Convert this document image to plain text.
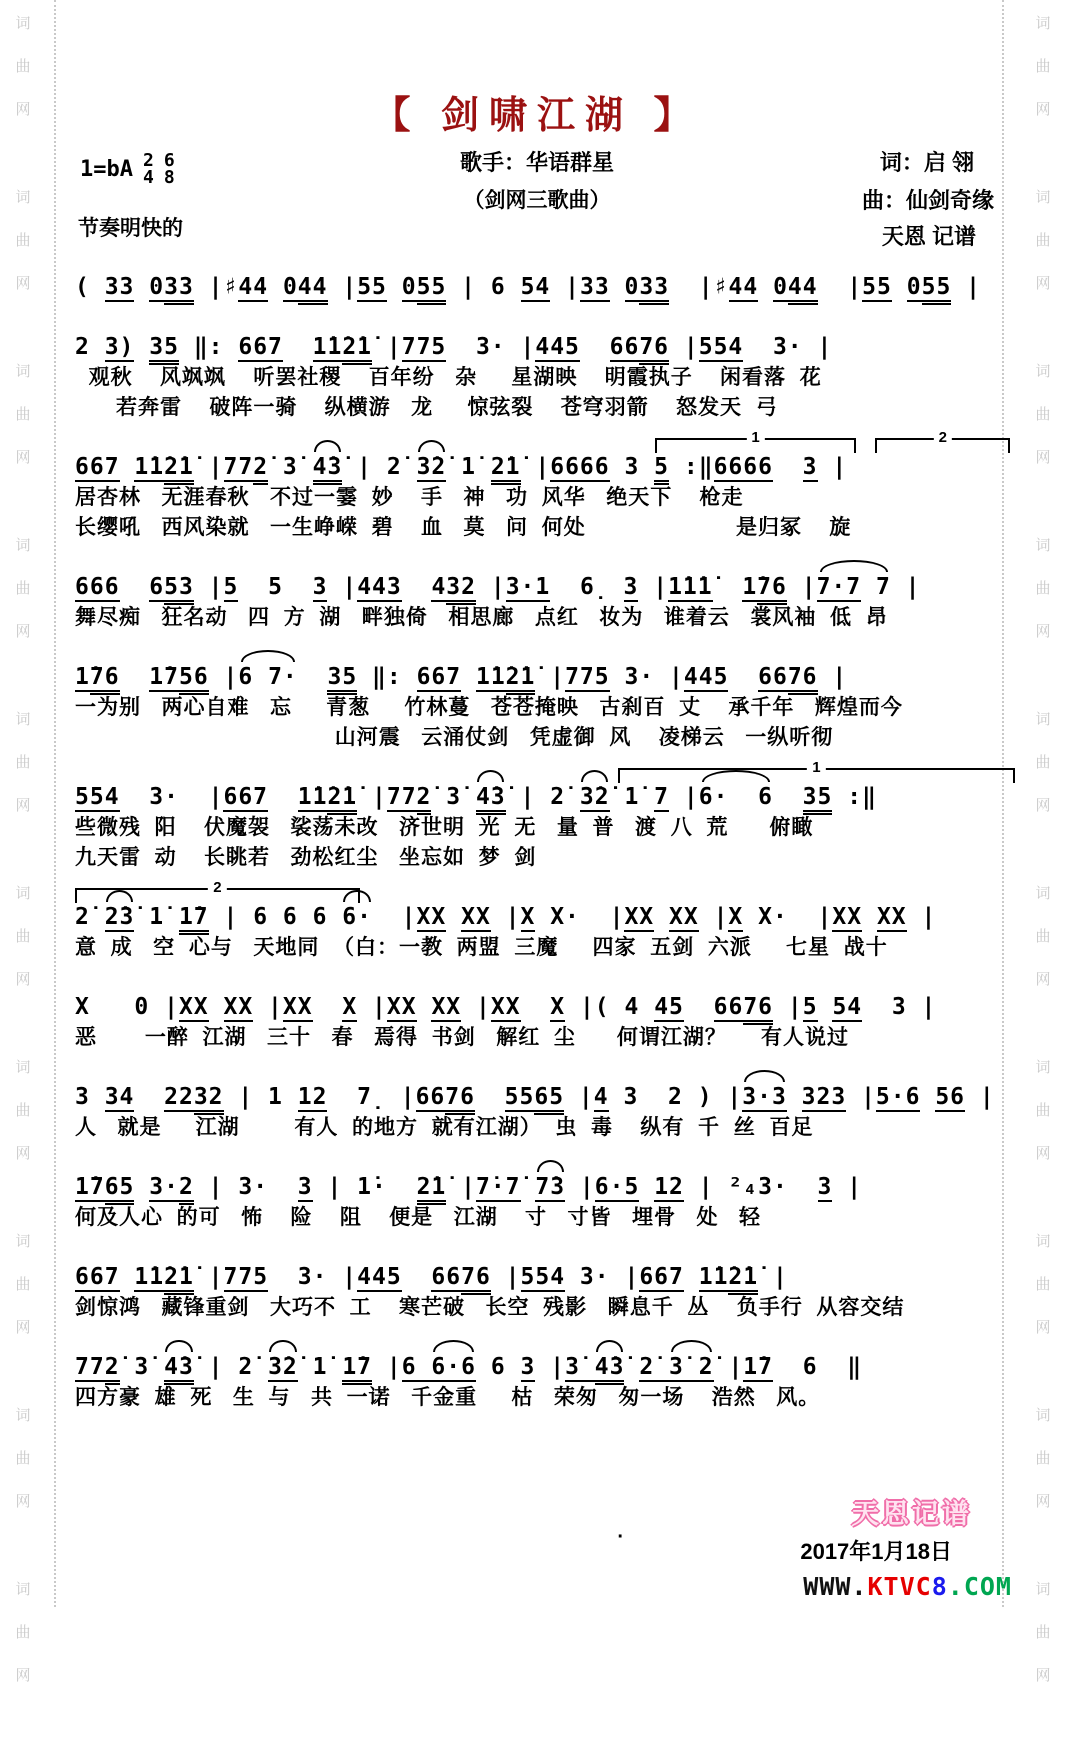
词
曲
网
词
曲
网
词
曲
网
词
曲
网
词
曲
网
词
曲
网
词
曲
网
词
曲
网
词
曲
网
词
曲
网
词
曲
网
词
曲
网
词
曲
网
词
曲
网
词
曲
网
词
曲
网
词
曲
网
词
曲
网
词
曲
网
词
曲
网
【 剑啸江湖 】
1=bA 2
4
6
8
节奏明快的
歌手：华语群星
（剑网三歌曲）
词：启 翎
曲：仙剑奇缘
天恩 记谱
( 33 033 |♯44 044 |55 055 | 6 54 |33 033  |♯44 044  |55 055 |
2 3) 35 ‖: 667 1̇1̇2̇1̇ |775  3· |445 6676 |554  3· |
观秋    风飒飒    听罢社稷    百年纷   杂     星湖映    明霞执子    闲看落  花
若奔雷    破阵一骑    纵横游   龙     惊弦裂    苍穹羽箭    怒发天  弓
1	2
667 1̇1̇2̇1̇ |772̇ 3̇ 4̇3̇ | 2̇ 3̇2̇ 1̇ 2̇1̇ |6666 3 5 :‖6666 3 |
居杏林   无涯春秋   不过一霎  妙    手   神   功  风华   绝天下    枪走
长缨吼   西风染就   一生峥嵘  碧    血   莫   问  何处                      是归冢    旋
666 653 |5  5  3 |443 432 |3·1  6̣ 3 |1̇1̇1̇ 1̇76 |7·7 7 |
舞尽痴   狂名动   四  方  湖   畔独倚   相思廊   点红   妆为   谁着云   裳风袖  低  昂
1̇76 1̇756 |6 7· 35 ‖: 667 1̇1̇2̇1̇ |775 3· |445 6676 |
一为别   两心自难   忘     青葱     竹林蔓   苍苍掩映   古刹百  丈    承千年   辉煌而今
山河震   云涌仗剑   凭虚御  风    凌梯云   一纵听彻
1
554  3·  |667 1̇1̇2̇1̇ |772̇ 3̇ 4̇3̇ | 2̇ 3̇2̇ 1̇ 7 |6·  6 35 :‖
些微残  阳    伏魔袈   裟荡未改   济世明  光  无   量  普   渡  八  荒      俯瞰
九天雷  动    长眺若   劲松红尘   坐忘如  梦  剑
2
2̇ 2̇3̇ 1̇ 1̇7 | 6 6 6 6·  |XX XX |X X·  |XX XX |X X·  |XX XX |
意  成   空  心与   天地同  （白：一教  两盟  三魔     四家  五剑  六派     七星  战十
X   0 |XX XX |XX X |XX XX |XX X |( 4 45 6676 |5 54  3 |
恶       一醉  江湖   三十   春   焉得  书剑   解红  尘      何谓江湖？     有人说过
3 34 2232 | 1 12  7̣ |6676 5565 |4 3  2 ) |3·3 323 |5·6 56 |
人   就是     江湖        有人  的地方  就有江湖）  虫  毒    纵有  千  丝  百足
1̇765 3·2 | 3·  3 | 1̇·  2̇1̇ |7̇·7̇ 7̇3 |6·5 12 | ²₄3·  3 |
何及人心  的可   怖    险    阻    便是   江湖    寸   寸皆   埋骨   处   轻
667 1̇1̇2̇1̇ |775  3· |445 6676 |554 3· |667 1̇1̇2̇1̇ |
剑惊鸿   藏锋重剑   大巧不  工    寒芒破   长空  残影   瞬息千  丛    负手行  从容交结
772̇ 3̇ 4̇3̇ | 2̇ 3̇2̇ 1̇ 1̇7 |6 6·6 6 3 |3̇ 4̇3̇ 2̇ 3̇ 2̇ |1̇7  6  ‖
四方豪  雄  死   生  与   共  一诺   千金重     枯   荣匆   匆一场    浩然   风。
·
天恩记谱
2017年1月18日
WWW.KTVC8.COM
